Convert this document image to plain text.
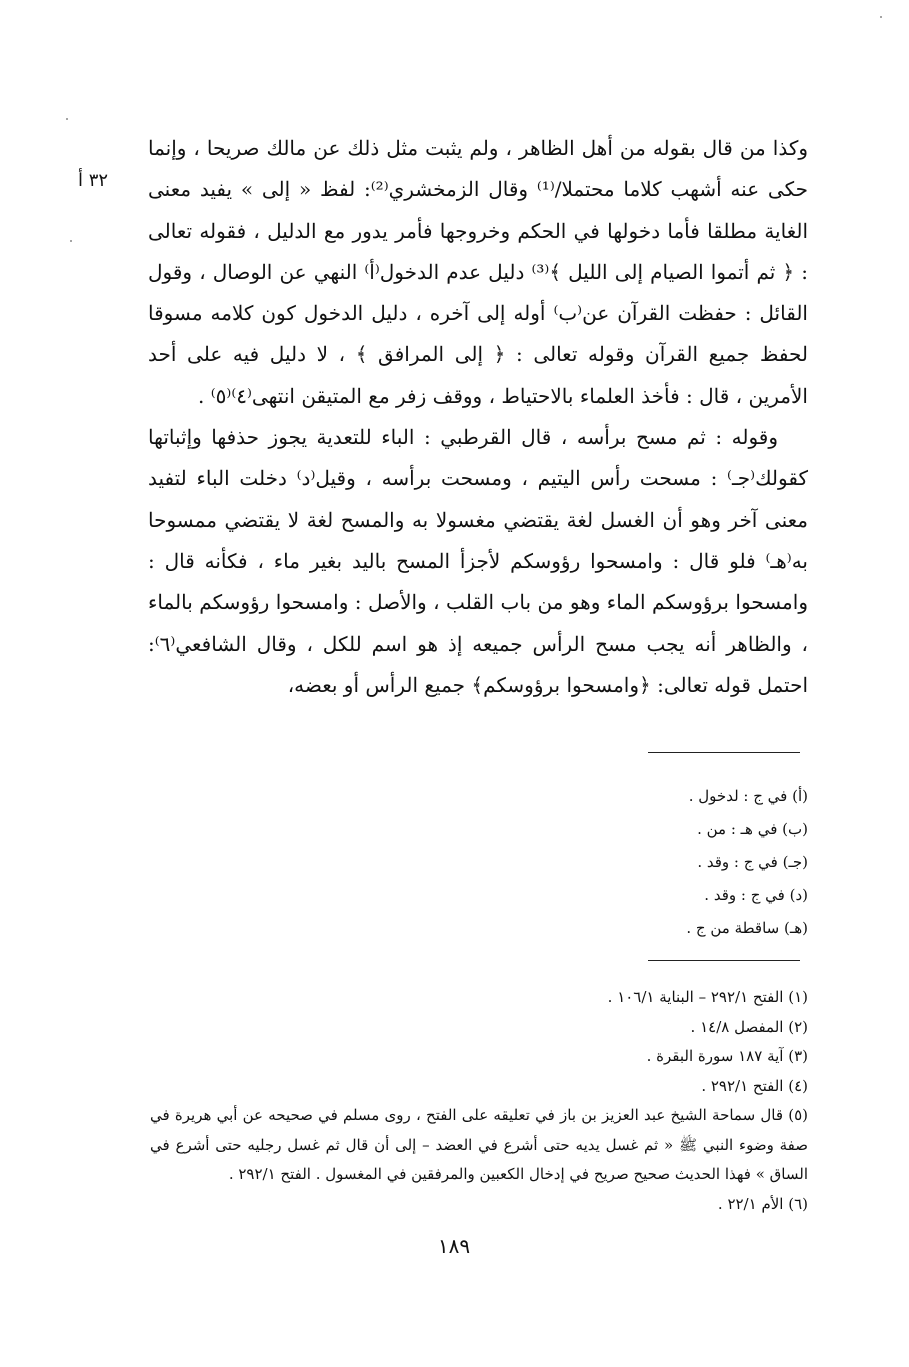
٣٢ أ

وكذا من قال بقوله من أهل الظاهر ، ولم يثبت مثل ذلك عن مالك صريحا ، وإنما حكى عنه أشهب كلاما محتملا/⁽¹⁾ وقال الزمخشري⁽²⁾: لفظ « إلى » يفيد معنى الغاية مطلقا فأما دخولها في الحكم وخروجها فأمر يدور مع الدليل ، فقوله تعالى : ﴿ ثم أتموا الصيام إلى الليل ﴾⁽³⁾ دليل عدم الدخول⁽أ⁾ النهي عن الوصال ، وقول القائل : حفظت القرآن عن⁽ب⁾ أوله إلى آخره ، دليل الدخول كون كلامه مسوقا لحفظ جميع القرآن وقوله تعالى : ﴿ إلى المرافق ﴾ ، لا دليل فيه على أحد الأمرين ، قال : فأخذ العلماء بالاحتياط ، ووقف زفر مع المتيقن انتهى⁽٤⁾⁽٥⁾ .

وقوله : ثم مسح برأسه ، قال القرطبي : الباء للتعدية يجوز حذفها وإثباتها كقولك⁽جـ⁾ : مسحت رأس اليتيم ، ومسحت برأسه ، وقيل⁽د⁾ دخلت الباء لتفيد معنى آخر وهو أن الغسل لغة يقتضي مغسولا به والمسح لغة لا يقتضي ممسوحا به⁽هـ⁾ فلو قال : وامسحوا رؤوسكم لأجزأ المسح باليد بغير ماء ، فكأنه قال : وامسحوا برؤوسكم الماء وهو من باب القلب ، والأصل : وامسحوا رؤوسكم بالماء ، والظاهر أنه يجب مسح الرأس جميعه إذ هو اسم للكل ، وقال الشافعي⁽٦⁾: احتمل قوله تعالى: ﴿وامسحوا برؤوسكم﴾ جميع الرأس أو بعضه،

(أ) في ج : لدخول .
(ب) في هـ : من .
(جـ) في ج : وقد .
(د) في ج : وقد .
(هـ) ساقطة من ج .
(١) الفتح ٢٩٢/١ – البناية ١٠٦/١ .
(٢) المفصل ١٤/٨ .
(٣) آية ١٨٧ سورة البقرة .
(٤) الفتح ٢٩٢/١ .
(٥) قال سماحة الشيخ عبد العزيز بن باز في تعليقه على الفتح ، روى مسلم في صحيحه عن أبي هريرة في صفة وضوء النبي ﷺ « ثم غسل يديه حتى أشرع في العضد – إلى أن قال ثم غسل رجليه حتى أشرع في الساق » فهذا الحديث صحيح صريح في إدخال الكعبين والمرفقين في المغسول . الفتح ٢٩٢/١ .
(٦) الأم ٢٢/١ .
١٨٩
